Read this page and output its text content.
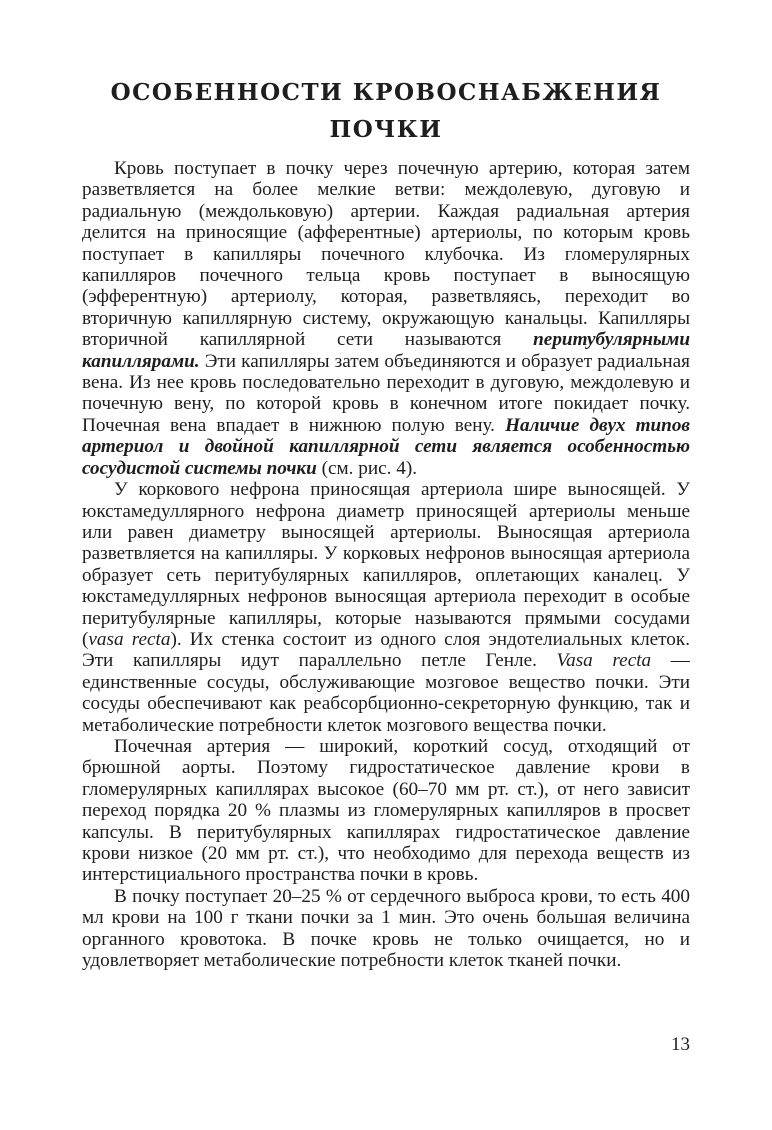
ОСОБЕННОСТИ КРОВОСНАБЖЕНИЯ
ПОЧКИ

Кровь поступает в почку через почечную артерию, которая затем разветвляется на более мелкие ветви: междолевую, дуговую и радиальную (междольковую) артерии. Каждая радиальная артерия делится на приносящие (афферентные) артериолы, по которым кровь поступает в капилляры почечного клубочка. Из гломерулярных капилляров почечного тельца кровь поступает в выносящую (эфферентную) артериолу, которая, разветвляясь, переходит во вторичную капиллярную систему, окружающую канальцы. Капилляры вторичной капиллярной сети называются перитубулярными капиллярами. Эти капилляры затем объединяются и образует радиальная вена. Из нее кровь последовательно переходит в дуговую, междолевую и почечную вену, по которой кровь в конечном итоге покидает почку. Почечная вена впадает в нижнюю полую вену. Наличие двух типов артериол и двойной капиллярной сети является особенностью сосудистой системы почки (см. рис. 4).

У коркового нефрона приносящая артериола шире выносящей. У юкстамедуллярного нефрона диаметр приносящей артериолы меньше или равен диаметру выносящей артериолы. Выносящая артериола разветвляется на капилляры. У корковых нефронов выносящая артериола образует сеть перитубулярных капилляров, оплетающих каналец. У юкстамедуллярных нефронов выносящая артериола переходит в особые перитубулярные капилляры, которые называются прямыми сосудами (vasa recta). Их стенка состоит из одного слоя эндотелиальных клеток. Эти капилляры идут параллельно петле Генле. Vasa recta — единственные сосуды, обслуживающие мозговое вещество почки. Эти сосуды обеспечивают как реабсорбционно-секреторную функцию, так и метаболические потребности клеток мозгового вещества почки.

Почечная артерия — широкий, короткий сосуд, отходящий от брюшной аорты. Поэтому гидростатическое давление крови в гломерулярных капиллярах высокое (60–70 мм рт. ст.), от него зависит переход порядка 20 % плазмы из гломерулярных капилляров в просвет капсулы. В перитубулярных капиллярах гидростатическое давление крови низкое (20 мм рт. ст.), что необходимо для перехода веществ из интерстициального пространства почки в кровь.

В почку поступает 20–25 % от сердечного выброса крови, то есть 400 мл крови на 100 г ткани почки за 1 мин. Это очень большая величина органного кровотока. В почке кровь не только очищается, но и удовлетворяет метаболические потребности клеток тканей почки.

13
